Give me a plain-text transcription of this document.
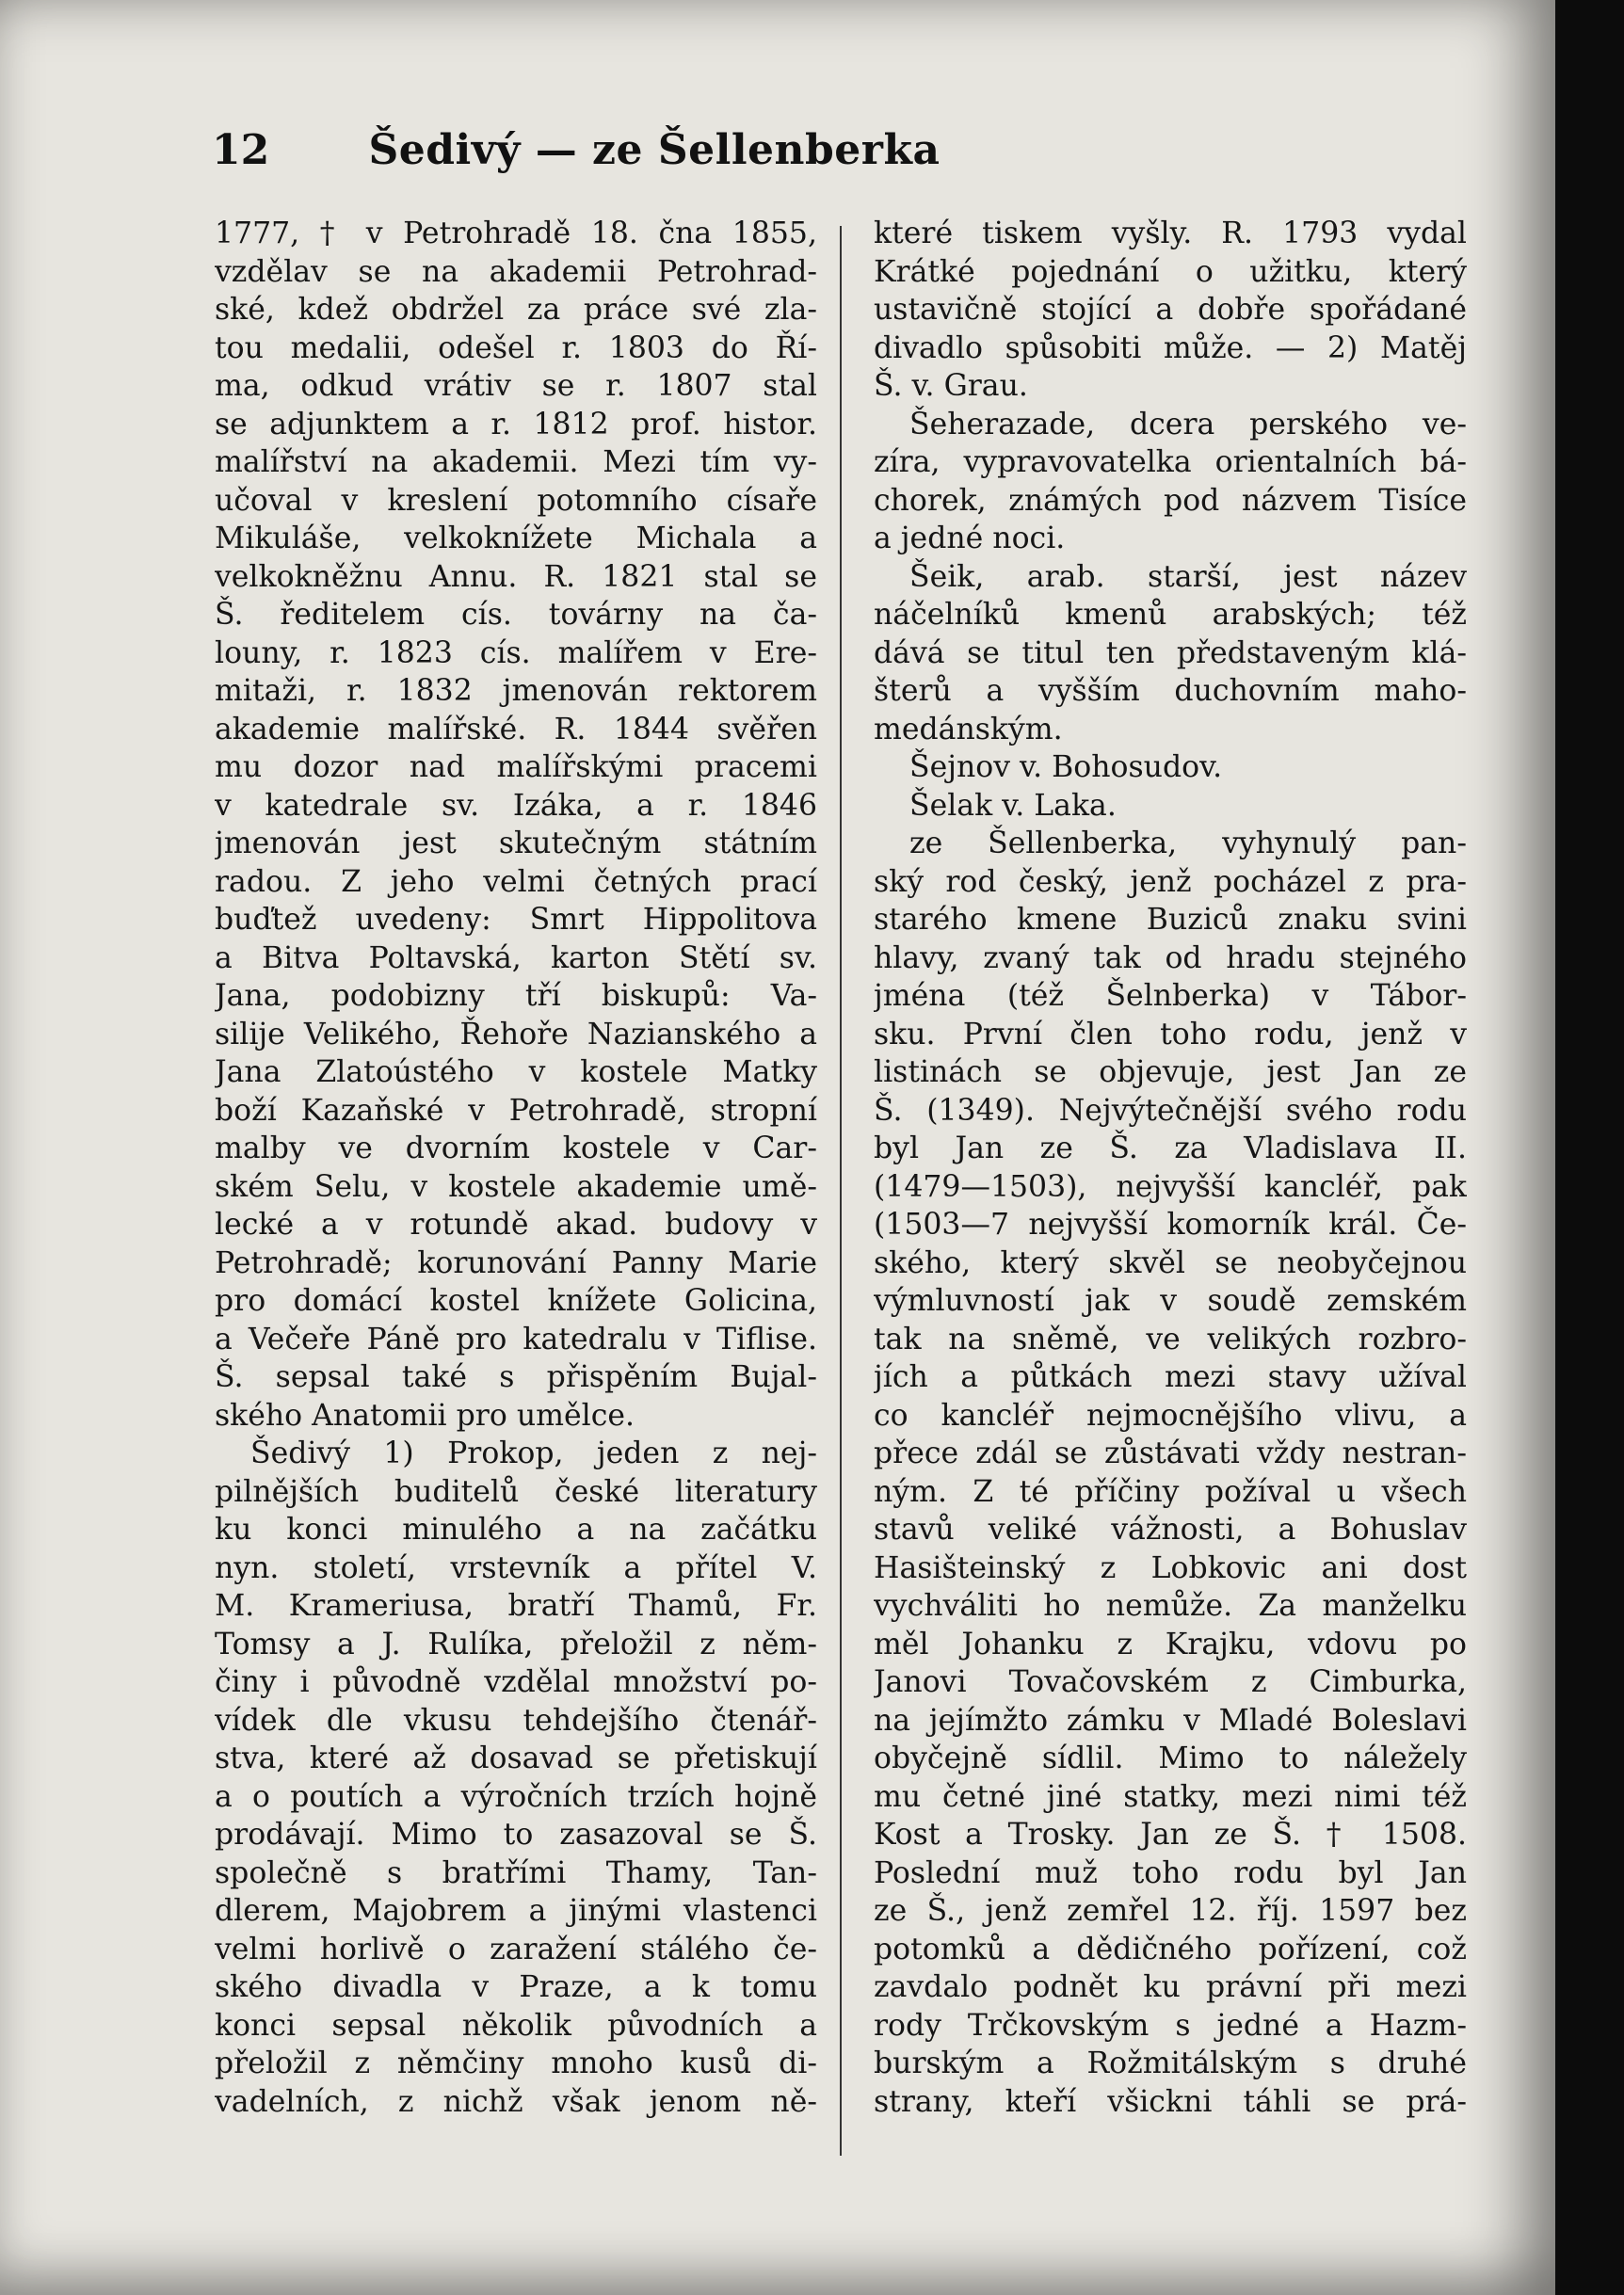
12	Šedivý — ze Šellenberka
1777, † v Petrohradě 18. čna 1855,
vzdělav se na akademii Petrohrad-
ské, kdež obdržel za práce své zla-
tou medalii, odešel r. 1803 do Ří-
ma, odkud vrátiv se r. 1807 stal
se adjunktem a r. 1812 prof. histor.
malířství na akademii. Mezi tím vy-
učoval v kreslení potomního císaře
Mikuláše, velkoknížete Michala a
velkokněžnu Annu. R. 1821 stal se
Š. ředitelem cís. továrny na ča-
louny, r. 1823 cís. malířem v Ere-
mitaži, r. 1832 jmenován rektorem
akademie malířské. R. 1844 svěřen
mu dozor nad malířskými pracemi
v katedrale sv. Izáka, a r. 1846
jmenován jest skutečným státním
radou. Z jeho velmi četných prací
buďtež uvedeny: Smrt Hippolitova
a Bitva Poltavská, karton Stětí sv.
Jana, podobizny tří biskupů: Va-
silije Velikého, Řehoře Nazianského a
Jana Zlatoústého v kostele Matky
boží Kazaňské v Petrohradě, stropní
malby ve dvorním kostele v Car-
ském Selu, v kostele akademie umě-
lecké a v rotundě akad. budovy v
Petrohradě; korunování Panny Marie
pro domácí kostel knížete Golicina,
a Večeře Páně pro katedralu v Tiflise.
Š. sepsal také s přispěním Bujal-
ského Anatomii pro umělce.
Šedivý 1) Prokop, jeden z nej-
pilnějších buditelů české literatury
ku konci minulého a na začátku
nyn. století, vrstevník a přítel V.
M. Krameriusa, bratří Thamů, Fr.
Tomsy a J. Rulíka, přeložil z něm-
činy i původně vzdělal množství po-
vídek dle vkusu tehdejšího čtenář-
stva, které až dosavad se přetiskují
a o poutích a výročních trzích hojně
prodávají. Mimo to zasazoval se Š.
společně s bratřími Thamy, Tan-
dlerem, Majobrem a jinými vlastenci
velmi horlivě o zaražení stálého če-
ského divadla v Praze, a k tomu
konci sepsal několik původních a
přeložil z němčiny mnoho kusů di-
vadelních, z nichž však jenom ně-
které tiskem vyšly. R. 1793 vydal
Krátké pojednání o užitku, který
ustavičně stojící a dobře spořádané
divadlo spůsobiti může. — 2) Matěj
Š. v. Grau.
Šeherazade, dcera perského ve-
zíra, vypravovatelka orientalních bá-
chorek, známých pod názvem Tisíce
a jedné noci.
Šeik, arab. starší, jest název
náčelníků kmenů arabských; též
dává se titul ten představeným klá-
šterů a vyšším duchovním maho-
medánským.
Šejnov v. Bohosudov.
Šelak v. Laka.
ze Šellenberka, vyhynulý pan-
ský rod český, jenž pocházel z pra-
starého kmene Buziců znaku svini
hlavy, zvaný tak od hradu stejného
jména (též Šelnberka) v Tábor-
sku. První člen toho rodu, jenž v
listinách se objevuje, jest Jan ze
Š. (1349). Nejvýtečnější svého rodu
byl Jan ze Š. za Vladislava II.
(1479—1503), nejvyšší kancléř, pak
(1503—7 nejvyšší komorník král. Če-
ského, který skvěl se neobyčejnou
výmluvností jak v soudě zemském
tak na sněmě, ve velikých rozbro-
jích a půtkách mezi stavy užíval
co kancléř nejmocnějšího vlivu, a
přece zdál se zůstávati vždy nestran-
ným. Z té příčiny požíval u všech
stavů veliké vážnosti, a Bohuslav
Hasišteinský z Lobkovic ani dost
vychváliti ho nemůže. Za manželku
měl Johanku z Krajku, vdovu po
Janovi Tovačovském z Cimburka,
na jejímžto zámku v Mladé Boleslavi
obyčejně sídlil. Mimo to náležely
mu četné jiné statky, mezi nimi též
Kost a Trosky. Jan ze Š. † 1508.
Poslední muž toho rodu byl Jan
ze Š., jenž zemřel 12. říj. 1597 bez
potomků a dědičného pořízení, což
zavdalo podnět ku právní při mezi
rody Trčkovským s jedné a Hazm-
burským a Rožmitálským s druhé
strany, kteří všickni táhli se prá-
